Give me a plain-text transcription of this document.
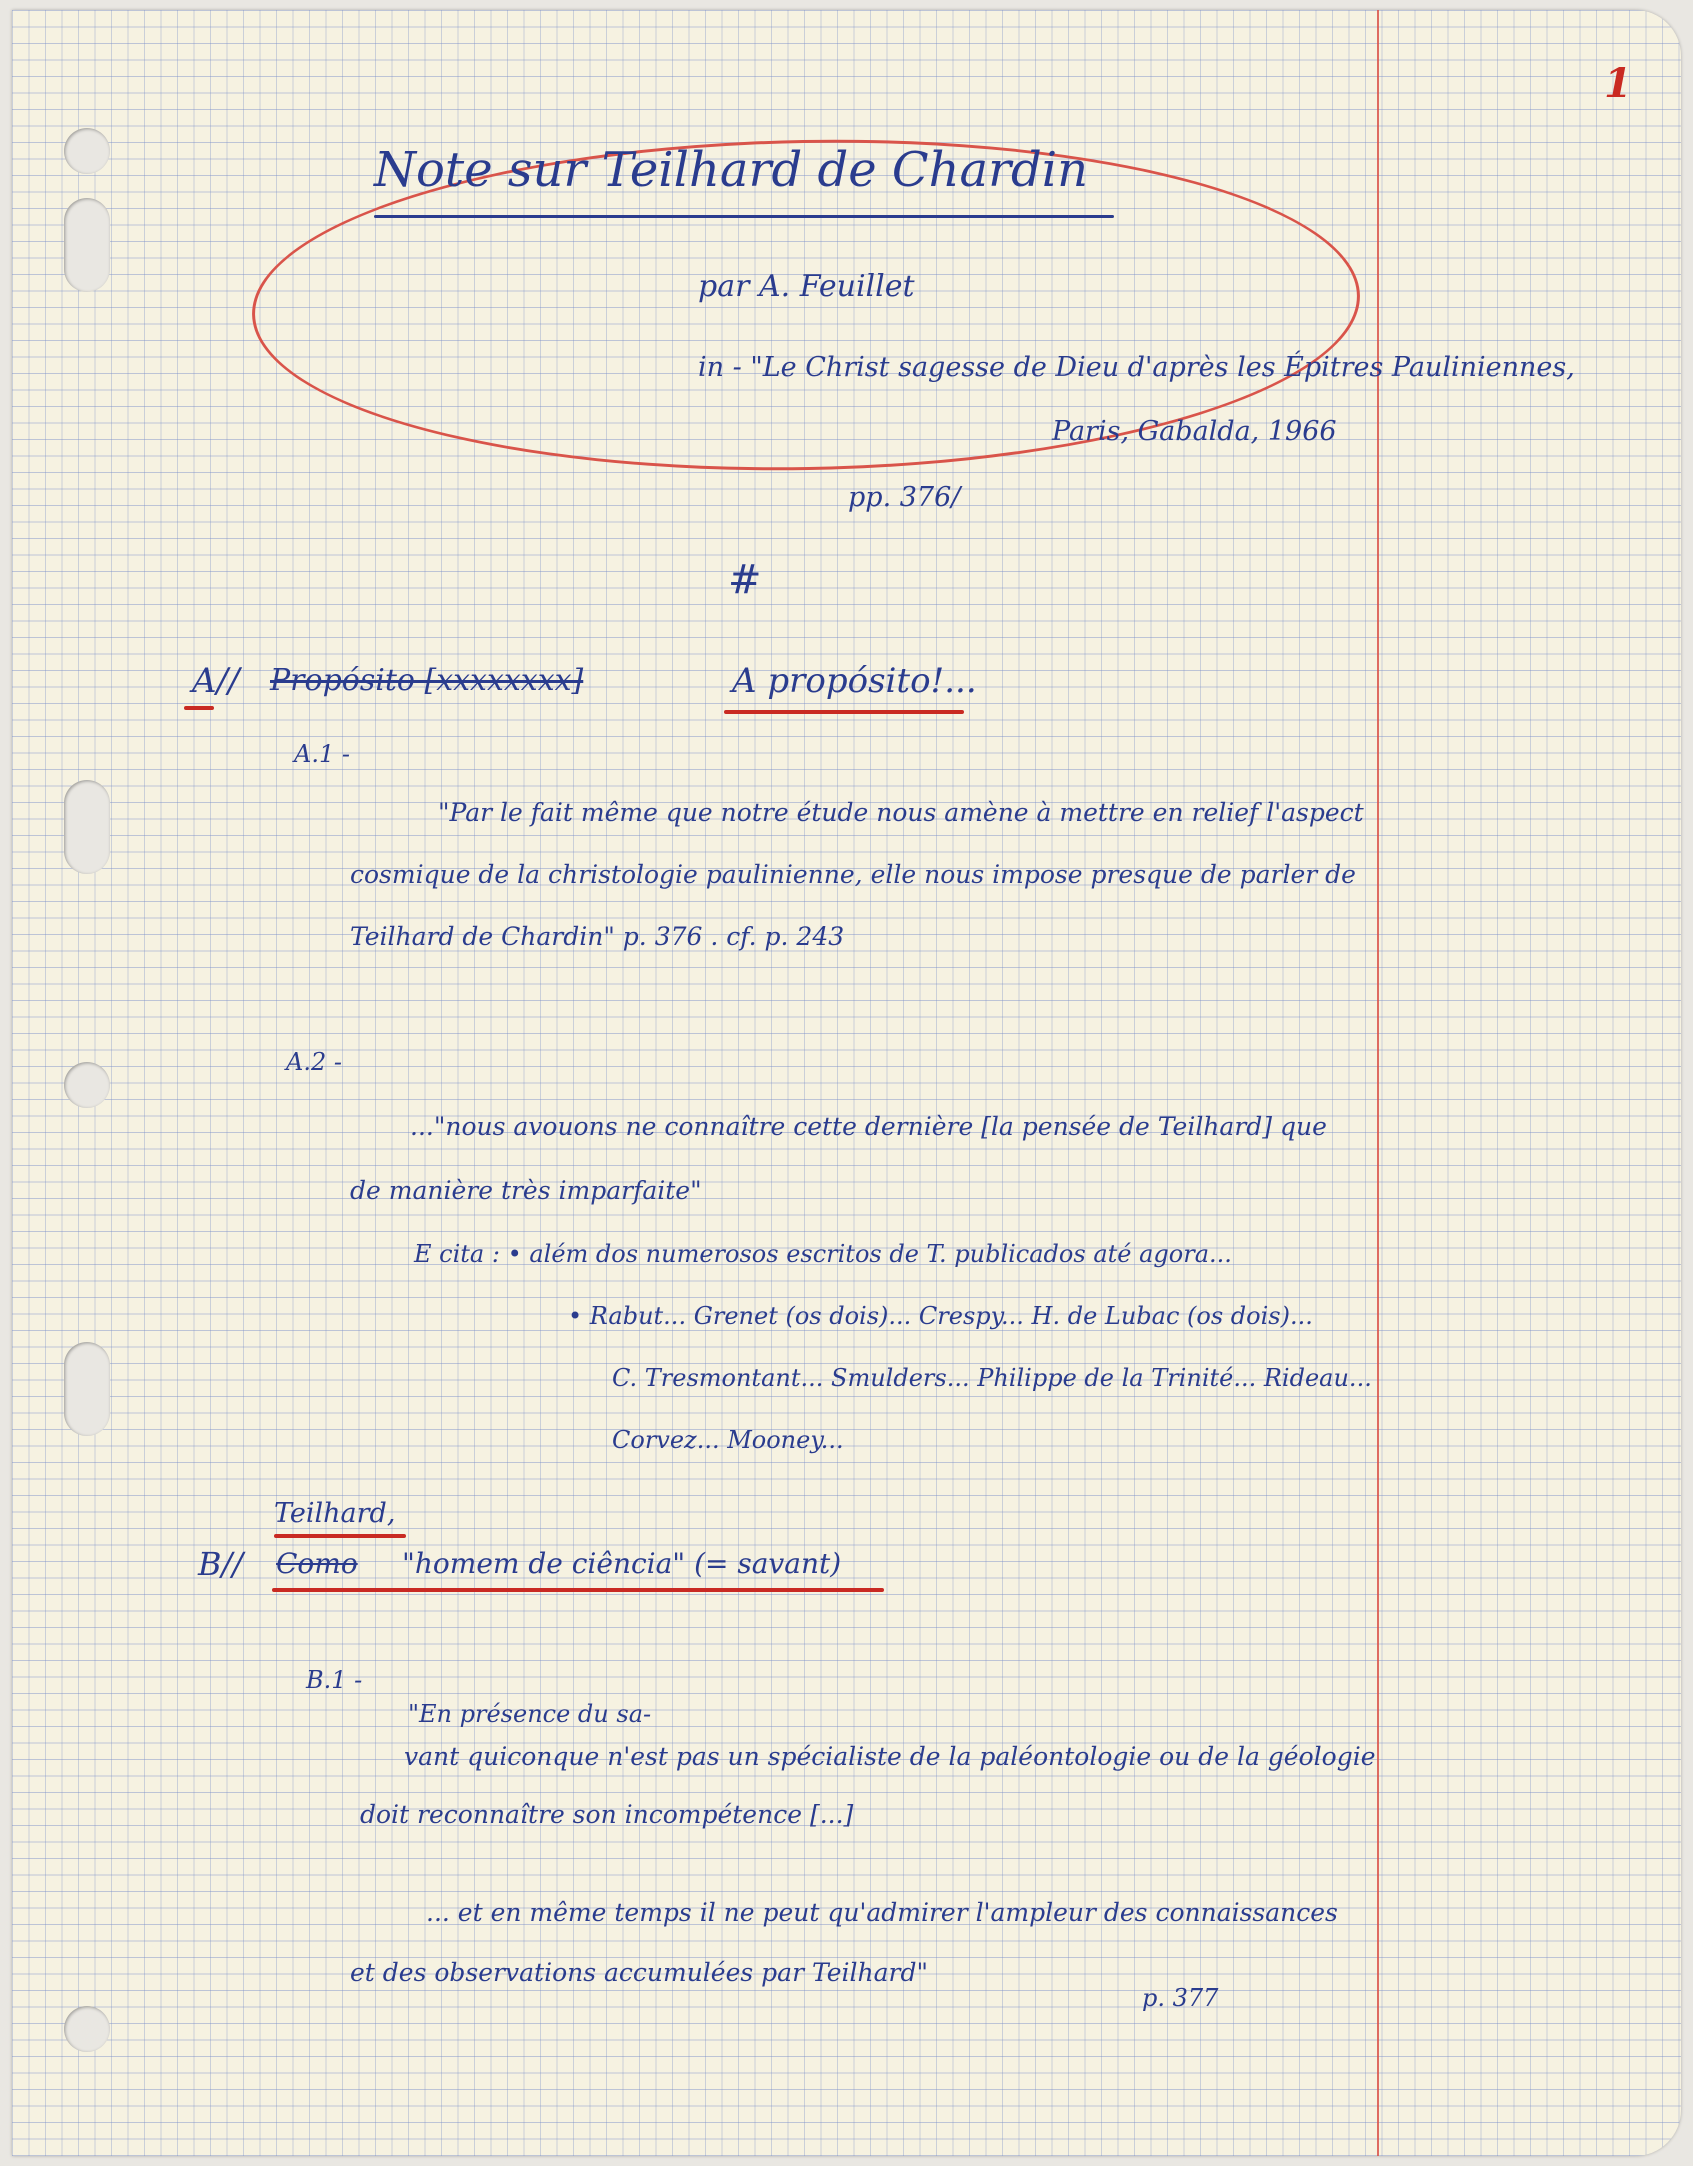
1
Note sur Teilhard de Chardin
par A. Feuillet
in - "Le Christ sagesse de Dieu d'après les Épitres Pauliniennes,
Paris, Gabalda, 1966
pp. 376/
#
A// Propósito [xxxxxxxx]	A propósito!...
A.1 -
"Par le fait même que notre étude nous amène à mettre en relief l'aspect
cosmique de la christologie paulinienne, elle nous impose presque de parler de
Teilhard de Chardin" p. 376 . cf. p. 243
A.2 -
..."nous avouons ne connaître cette dernière [la pensée de Teilhard] que
de manière très imparfaite"
E cita : • além dos numerosos escritos de T. publicados até agora...
• Rabut... Grenet (os dois)... Crespy... H. de Lubac (os dois)...
C. Tresmontant... Smulders... Philippe de la Trinité... Rideau...
Corvez... Mooney...
Teilhard,
B// Como "homem de ciência" (= savant)
B.1 -
"En présence du sa-
vant quiconque n'est pas un spécialiste de la paléontologie ou de la géologie
doit reconnaître son incompétence [...]
... et en même temps il ne peut qu'admirer l'ampleur des connaissances
et des observations accumulées par Teilhard"
p. 377
